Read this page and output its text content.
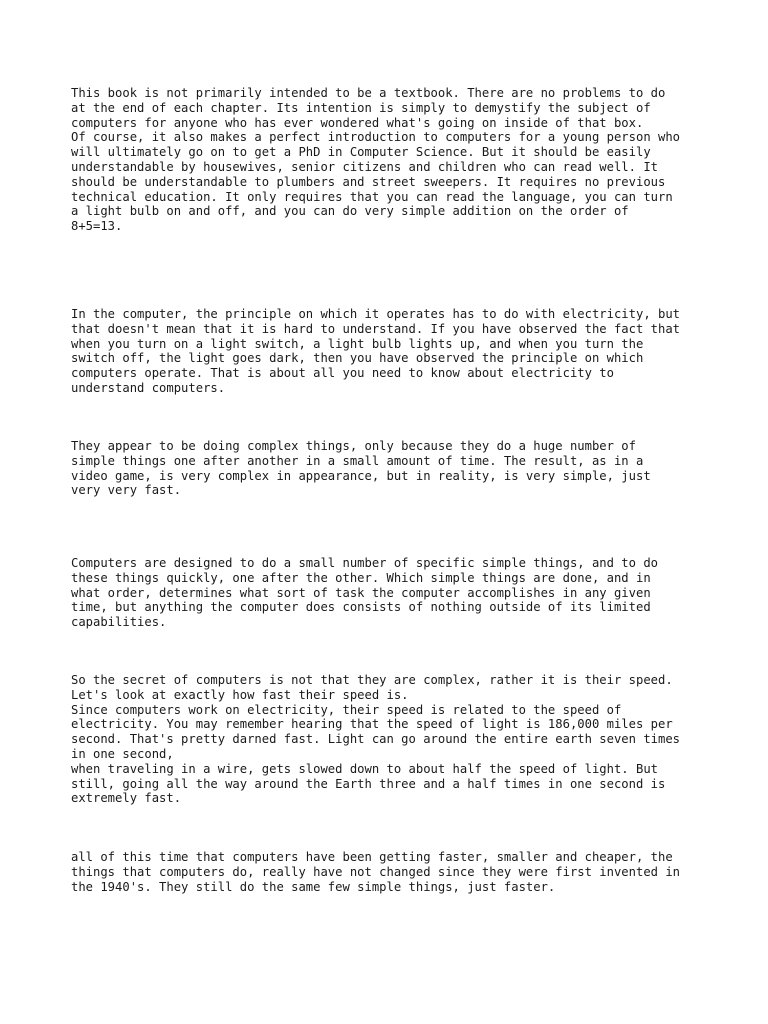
This book is not primarily intended to be a textbook. There are no problems to do
at the end of each chapter. Its intention is simply to demystify the subject of
computers for anyone who has ever wondered what's going on inside of that box.
Of course, it also makes a perfect introduction to computers for a young person who
will ultimately go on to get a PhD in Computer Science. But it should be easily
understandable by housewives, senior citizens and children who can read well. It
should be understandable to plumbers and street sweepers. It requires no previous
technical education. It only requires that you can read the language, you can turn
a light bulb on and off, and you can do very simple addition on the order of
8+5=13.

In the computer, the principle on which it operates has to do with electricity, but
that doesn't mean that it is hard to understand. If you have observed the fact that
when you turn on a light switch, a light bulb lights up, and when you turn the
switch off, the light goes dark, then you have observed the principle on which
computers operate. That is about all you need to know about electricity to
understand computers.

They appear to be doing complex things, only because they do a huge number of
simple things one after another in a small amount of time. The result, as in a
video game, is very complex in appearance, but in reality, is very simple, just
very very fast.

Computers are designed to do a small number of specific simple things, and to do
these things quickly, one after the other. Which simple things are done, and in
what order, determines what sort of task the computer accomplishes in any given
time, but anything the computer does consists of nothing outside of its limited
capabilities.

So the secret of computers is not that they are complex, rather it is their speed.
Let's look at exactly how fast their speed is.
Since computers work on electricity, their speed is related to the speed of
electricity. You may remember hearing that the speed of light is 186,000 miles per
second. That's pretty darned fast. Light can go around the entire earth seven times
in one second,
when traveling in a wire, gets slowed down to about half the speed of light. But
still, going all the way around the Earth three and a half times in one second is
extremely fast.

all of this time that computers have been getting faster, smaller and cheaper, the
things that computers do, really have not changed since they were first invented in
the 1940's. They still do the same few simple things, just faster.
